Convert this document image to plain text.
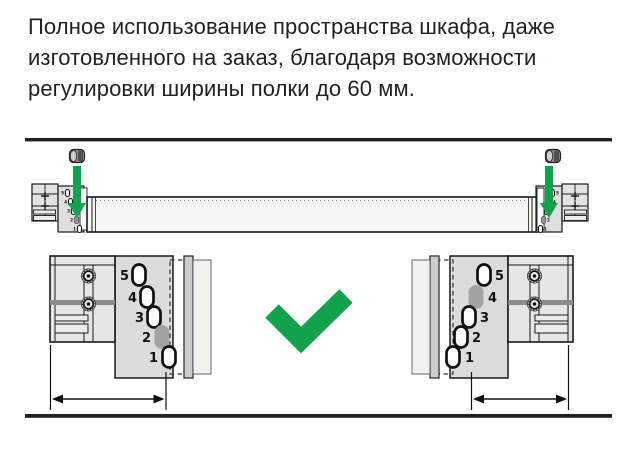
Полное использование пространства шкафа, даже
изготовленного на заказ, благодаря возможности
регулировки ширины полки до 60 мм.
5
4
3
2
1
5
4
2
1
5
4
3
2
1
5
4
3
2
1
